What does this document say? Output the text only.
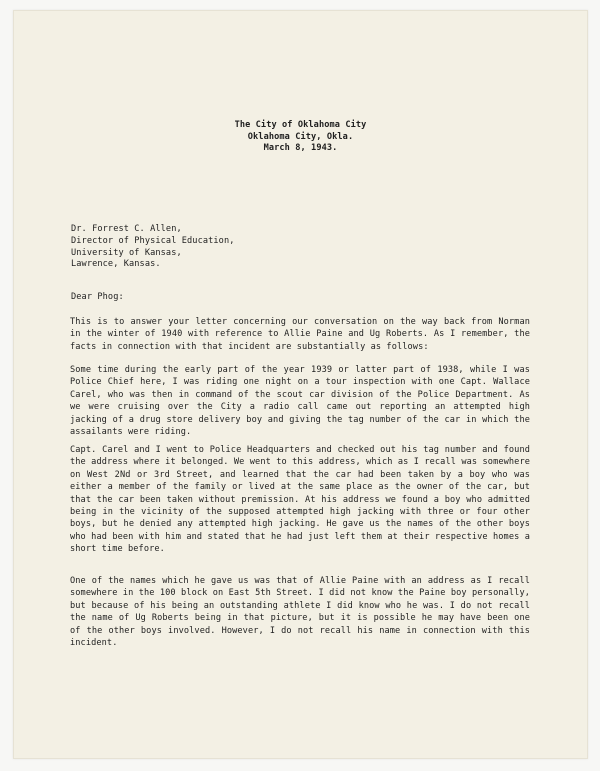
The City of Oklahoma City
Oklahoma City, Okla.
March 8, 1943.
Dr. Forrest C. Allen,
Director of Physical Education,
University of Kansas,
Lawrence, Kansas.
Dear Phog:
This is to answer your letter concerning our conversation on the way back from Norman in the winter of 1940 with reference to Allie Paine and Ug Roberts. As I remember, the facts in connection with that incident are substantially as follows:
Some time during the early part of the year 1939 or latter part of 1938, while I was Police Chief here, I was riding one night on a tour inspection with one Capt. Wallace Carel, who was then in command of the scout car division of the Police Department. As we were cruising over the City a radio call came out reporting an attempted high jacking of a drug store delivery boy and giving the tag number of the car in which the assailants were riding.
Capt. Carel and I went to Police Headquarters and checked out his tag number and found the address where it belonged. We went to this address, which as I recall was somewhere on West 2Nd or 3rd Street, and learned that the car had been taken by a boy who was either a member of the family or lived at the same place as the owner of the car, but that the car been taken without premission. At his address we found a boy who admitted being in the vicinity of the supposed attempted high jacking with three or four other boys, but he denied any attempted high jacking. He gave us the names of the other boys who had been with him and stated that he had just left them at their respective homes a short time before.
One of the names which he gave us was that of Allie Paine with an address as I recall somewhere in the 100 block on East 5th Street. I did not know the Paine boy personally, but because of his being an outstanding athlete I did know who he was. I do not recall the name of Ug Roberts being in that picture, but it is possible he may have been one of the other boys involved. However, I do not recall his name in connection with this incident.
